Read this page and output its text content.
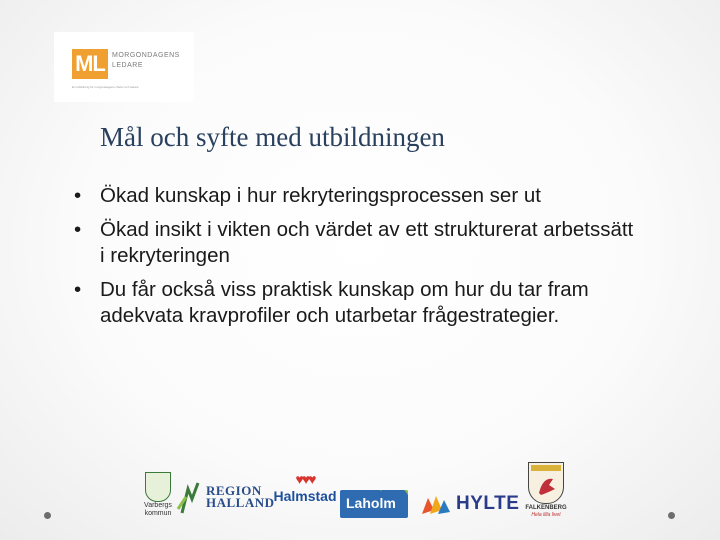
ML	MORGONDAGENS LEDARE
En utbildning för morgondagens chefer och ledare
Mål och syfte med utbildningen
• Ökad kunskap i hur rekryteringsprocessen ser ut
• Ökad insikt i vikten och värdet av ett strukturerat arbetssätt i rekryteringen
• Du får också viss praktisk kunskap om hur du tar fram adekvata kravprofiler och utarbetar frågestrategier.
Varbergs kommun
REGION HALLAND
♥♥♥
Halmstad Laholm	HYLTE FALKENBERG
Hela lilla livet
